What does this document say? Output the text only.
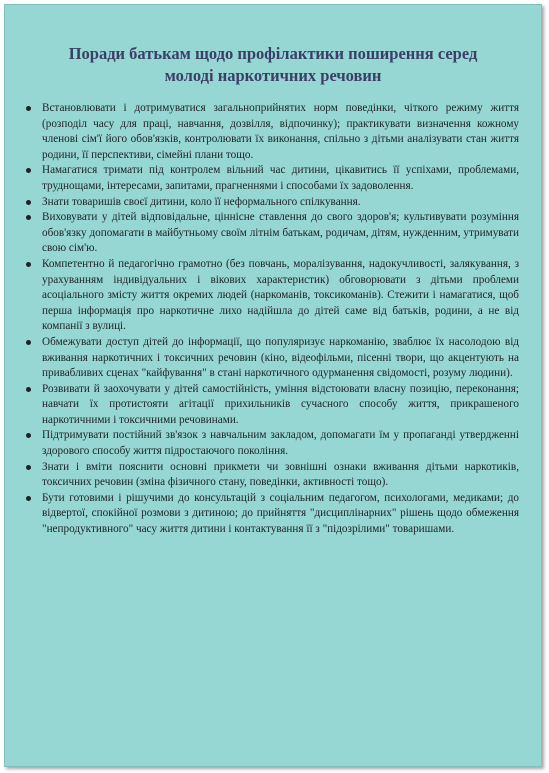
Поради батькам щодо профілактики поширення серед
молоді наркотичних речовин
Встановлювати і дотримуватися загальноприйнятих норм поведінки, чіткого режиму життя (розподіл часу для праці, навчання, дозвілля, відпочинку); практикувати визначення кожному членові сім'ї його обов'язків, контролювати їх виконання, спільно з дітьми аналізувати стан життя родини, її перспективи, сімейні плани тощо.
Намагатися тримати під контролем вільний час дитини, цікавитись її успіхами, проблемами, труднощами, інтересами, запитами, прагненнями і способами їх задоволення.
Знати товаришів своєї дитини, коло її неформального спілкування.
Виховувати у дітей відповідальне, ціннісне ставлення до свого здоров'я; культивувати розуміння обов'язку допомагати в майбутньому своїм літнім батькам, родичам, дітям, нужденним, утримувати свою сім'ю.
Компетентно й педагогічно грамотно (без повчань, моралізування, надокучливості, залякування, з урахуванням індивідуальних і вікових характеристик) обговорювати з дітьми проблеми асоціального змісту життя окремих людей (наркоманів, токсикоманів). Стежити і намагатися, щоб перша інформація про наркотичне лихо надійшла до дітей саме від батьків, родини, а не від компанії з вулиці.
Обмежувати доступ дітей до інформації, що популяризує наркоманію, зваблює їх насолодою від вживання наркотичних і токсичних речовин (кіно, відеофільми, пісенні твори, що акцентують на привабливих сценах "кайфування" в стані наркотичного одурманення свідомості, розуму людини).
Розвивати й заохочувати у дітей самостійність, уміння відстоювати власну позицію, переконання; навчати їх протистояти агітації прихильників сучасного способу життя, прикрашеного наркотичними і токсичними речовинами.
Підтримувати постійний зв'язок з навчальним закладом, допомагати їм у пропаганді утвердженні здорового способу життя підростаючого покоління.
Знати і вміти пояснити основні прикмети чи зовнішні ознаки вживання дітьми наркотиків, токсичних речовин (зміна фізичного стану, поведінки, активності тощо).
Бути готовими і рішучими до консультацій з соціальним педагогом, психологами, медиками; до відвертої, спокійної розмови з дитиною; до прийняття "дисциплінарних" рішень щодо обмеження "непродуктивного" часу життя дитини і контактування її з "підозрілими" товаришами.
